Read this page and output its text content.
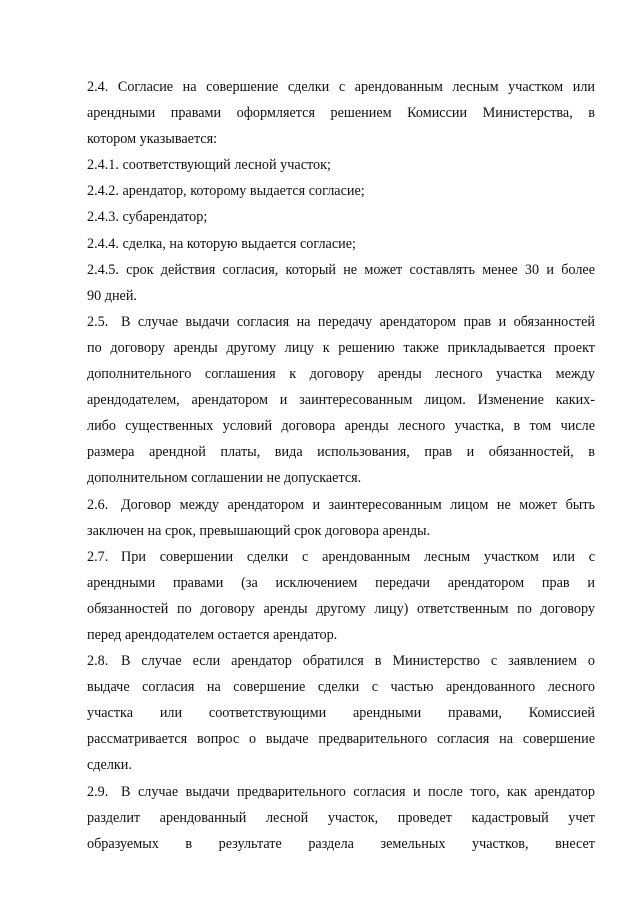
2.4. Согласие на совершение сделки с арендованным лесным участком или
арендными правами оформляется решением Комиссии Министерства, в
котором указывается:
2.4.1. соответствующий лесной участок;
2.4.2. арендатор, которому выдается согласие;
2.4.3. субарендатор;
2.4.4. сделка, на которую выдается согласие;
2.4.5. срок действия согласия, который не может составлять менее 30 и более
90 дней.
2.5. В случае выдачи согласия на передачу арендатором прав и обязанностей
по договору аренды другому лицу к решению также прикладывается проект
дополнительного соглашения к договору аренды лесного участка между
арендодателем, арендатором и заинтересованным лицом. Изменение каких-
либо существенных условий договора аренды лесного участка, в том числе
размера арендной платы, вида использования, прав и обязанностей, в
дополнительном соглашении не допускается.
2.6. Договор между арендатором и заинтересованным лицом не может быть
заключен на срок, превышающий срок договора аренды.
2.7. При совершении сделки с арендованным лесным участком или с
арендными правами (за исключением передачи арендатором прав и
обязанностей по договору аренды другому лицу) ответственным по договору
перед арендодателем остается арендатор.
2.8. В случае если арендатор обратился в Министерство с заявлением о
выдаче согласия на совершение сделки с частью арендованного лесного
участка или соответствующими арендными правами, Комиссией
рассматривается вопрос о выдаче предварительного согласия на совершение
сделки.
2.9. В случае выдачи предварительного согласия и после того, как арендатор
разделит арендованный лесной участок, проведет кадастровый учет
образуемых в результате раздела земельных участков, внесет
